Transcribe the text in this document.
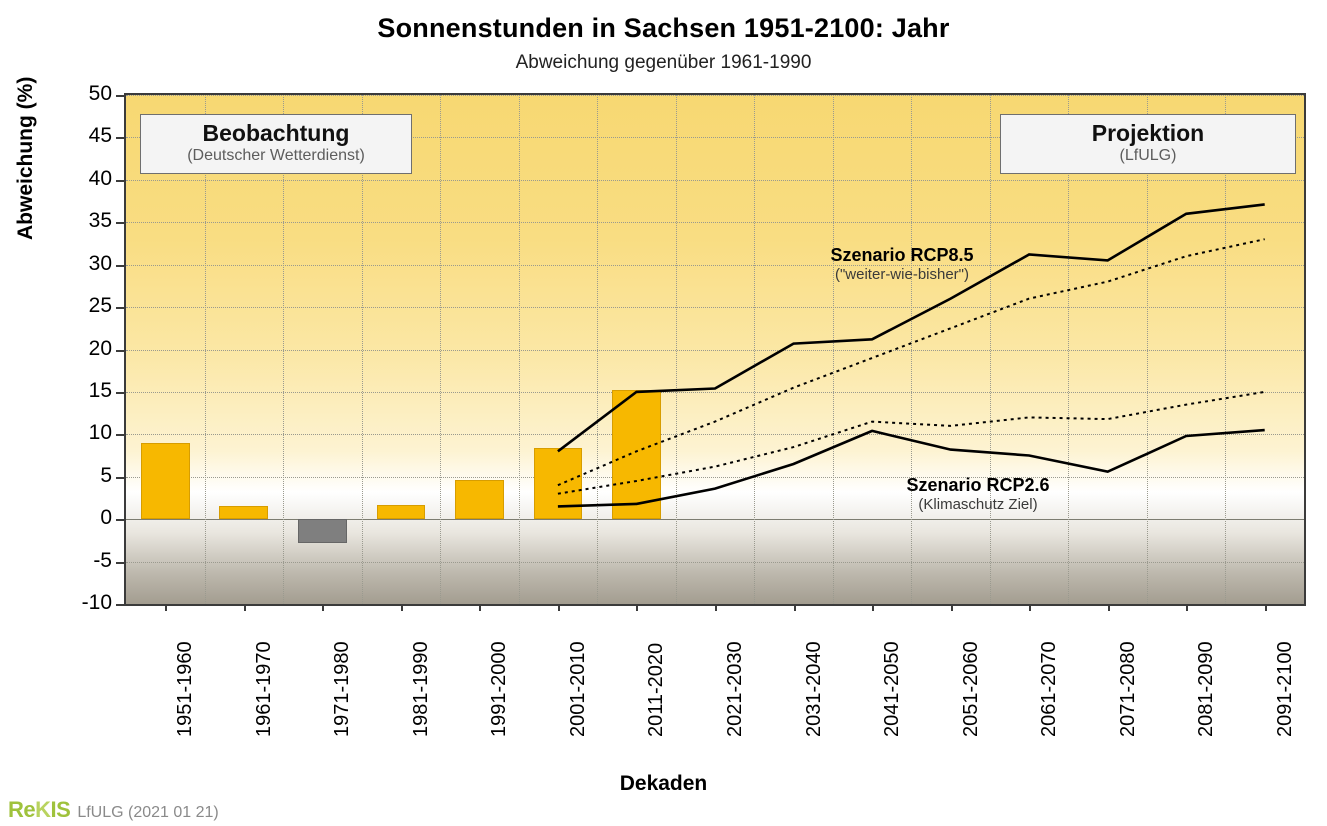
Sonnenstunden in Sachsen 1951-2100: Jahr
Abweichung gegenüber 1961-1990
Abweichung (%)
Dekaden
50
45
40
35
30
25
20
15
10
5
0
-5
-10
1951-1960	1961-1970	1971-1980	1981-1990	1991-2000	2001-2010	2011-2020	2021-2030	2031-2040	2041-2050	2051-2060	2061-2070	2071-2080	2081-2090	2091-2100
Beobachtung
(Deutscher Wetterdienst)
Projektion
(LfULG)
Szenario RCP8.5
("weiter-wie-bisher")
Szenario RCP2.6
(Klimaschutz Ziel)
ReKIS LfULG (2021 01 21)
